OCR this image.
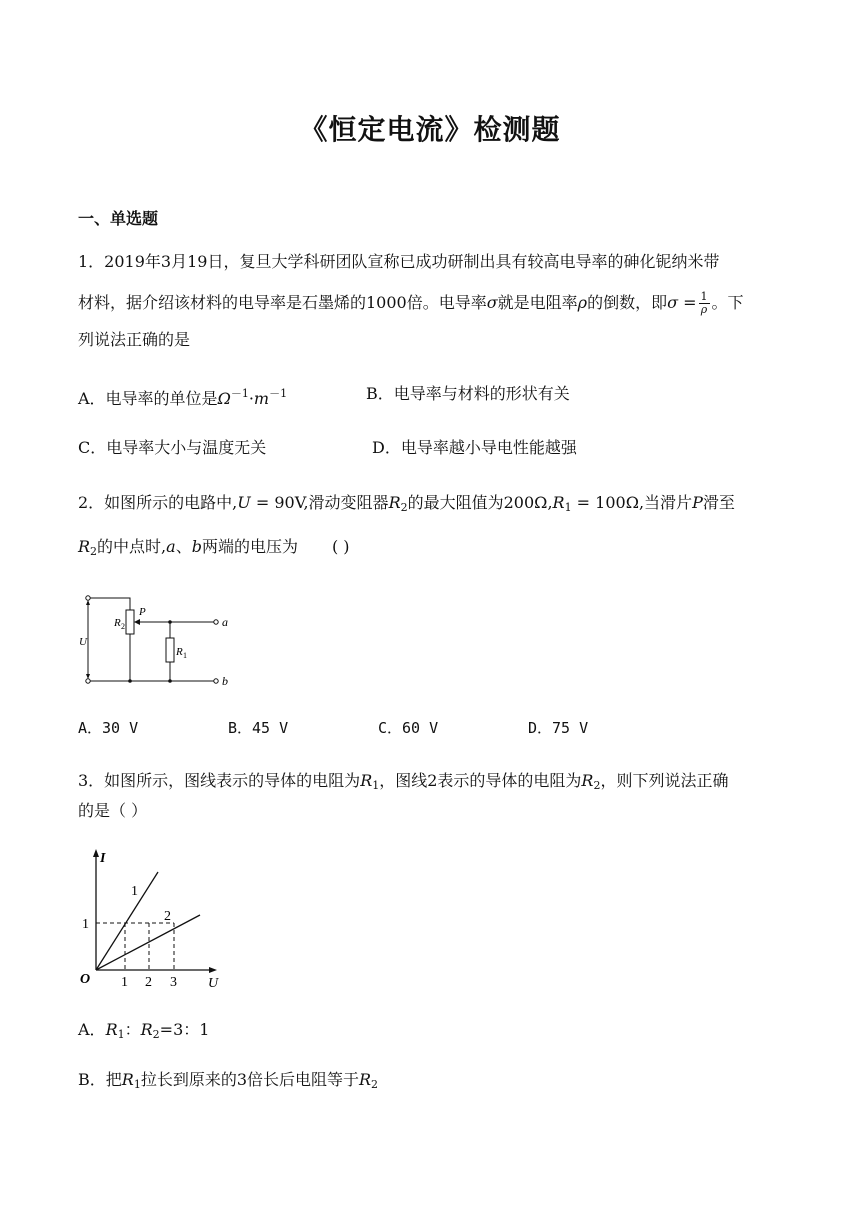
《恒定电流》检测题
一、单选题
1．2019年3月19日，复旦大学科研团队宣称已成功研制出具有较高电导率的砷化铌纳米带
材料，据介绍该材料的电导率是石墨烯的1000倍。电导率σ就是电阻率ρ的倒数，即$\sigma = \frac{1}{\rho}$ 。下
列说法正确的是
A．电导率的单位是$\Omega^{-1}\cdot m^{-1}$	B．电导率与材料的形状有关
C．电导率大小与温度无关	D．电导率越小导电性能越强
2．如图所示的电路中,U = 90V,滑动变阻器$R_2$的最大阻值为$200\Omega,R_1 = 100\Omega$,当滑片P滑至
$R_2$的中点时,a、b两端的电压为 ( )
P
R 2
R 1
U
a
b
A．30 V	B．45 V	C．60 V	D．75 V
3．如图所示，图线表示的导体的电阻为$R_1$，图线2表示的导体的电阻为$R_2$，则下列说法正确
的是（ ）
I
U
O
1
1 2 3
1
2
A．$R_1$：$R_2=3$：1
B．把$R_1$拉长到原来的3倍长后电阻等于$R_2$
